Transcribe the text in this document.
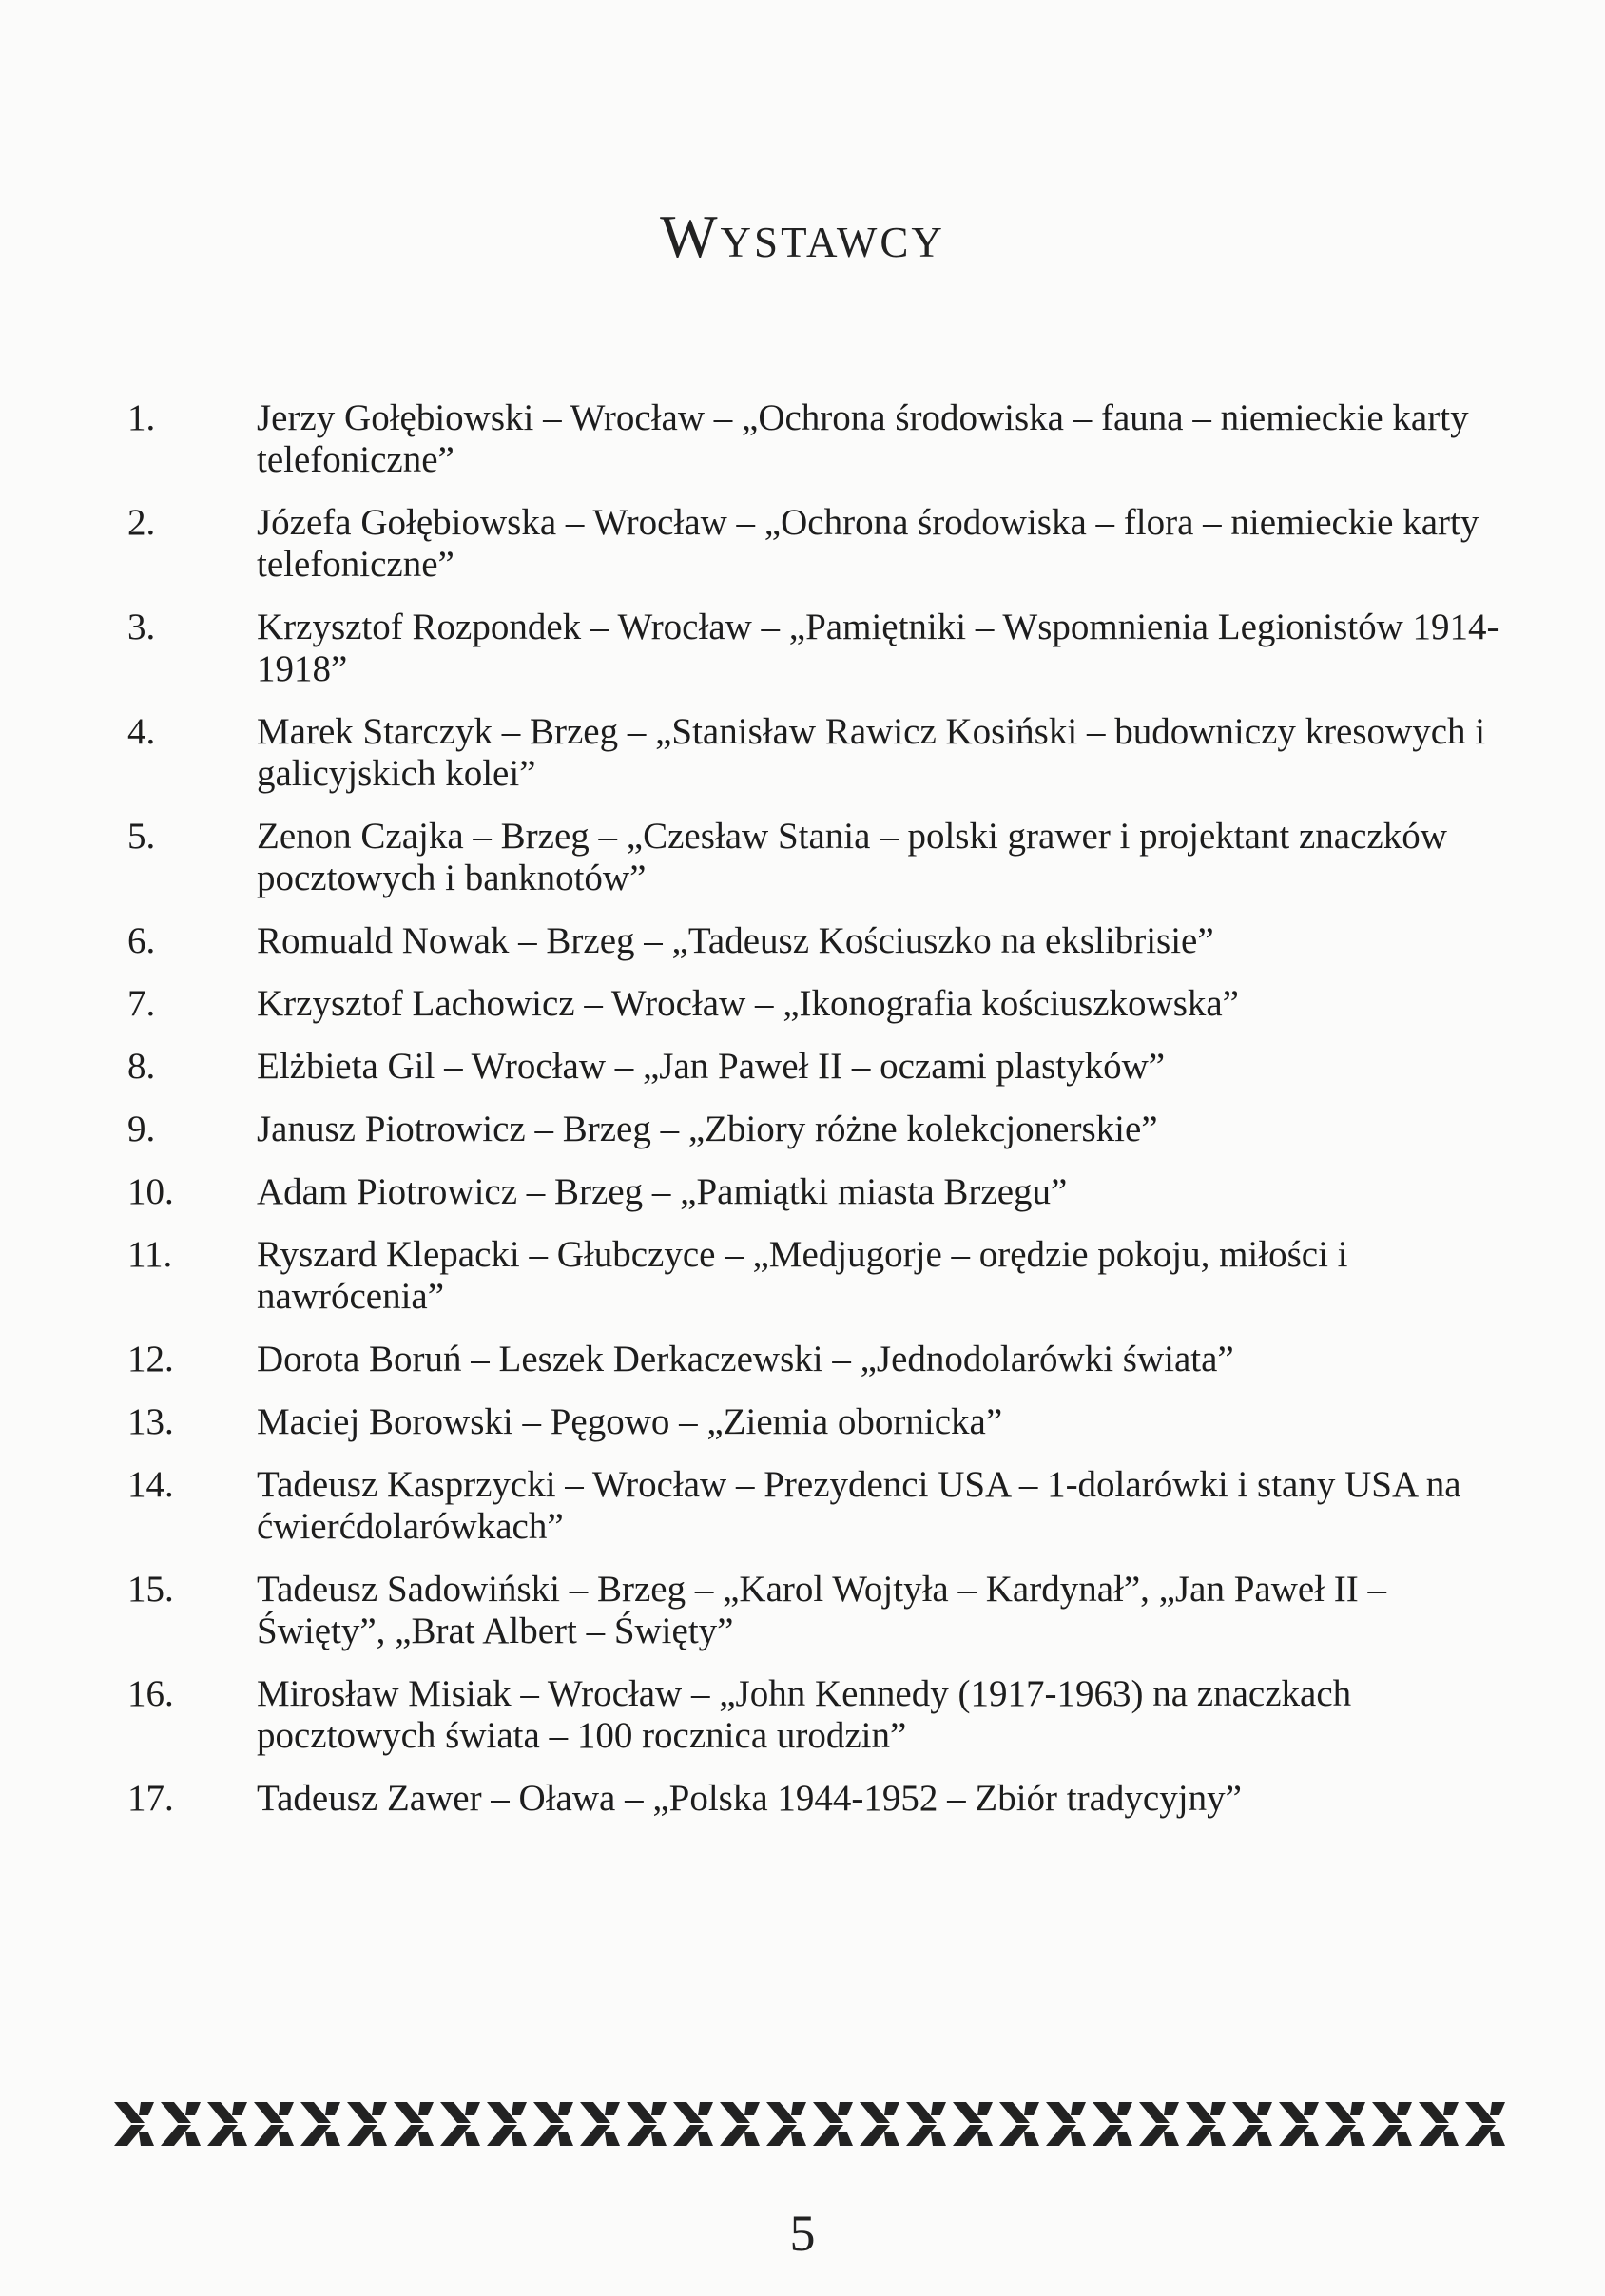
Wystawcy
1.	Jerzy Gołębiowski – Wrocław – „Ochrona środowiska – fauna – niemieckie karty telefoniczne”
2.	Józefa Gołębiowska – Wrocław – „Ochrona środowiska – flora – niemieckie karty telefoniczne”
3.	Krzysztof Rozpondek – Wrocław – „Pamiętniki – Wspomnienia Legionistów 1914-1918”
4.	Marek Starczyk – Brzeg – „Stanisław Rawicz Kosiński – budowniczy kresowych i galicyjskich kolei”
5.	Zenon Czajka – Brzeg – „Czesław Stania – polski grawer i projektant znaczków pocztowych i banknotów”
6.	Romuald Nowak – Brzeg – „Tadeusz Kościuszko na ekslibrisie”
7.	Krzysztof Lachowicz – Wrocław – „Ikonografia kościuszkowska”
8.	Elżbieta Gil – Wrocław – „Jan Paweł II – oczami plastyków”
9.	Janusz Piotrowicz – Brzeg – „Zbiory różne kolekcjonerskie”
10.	Adam Piotrowicz – Brzeg – „Pamiątki miasta Brzegu”
11.	Ryszard Klepacki – Głubczyce – „Medjugorje – orędzie pokoju, miłości i nawrócenia”
12.	Dorota Boruń – Leszek Derkaczewski – „Jednodolarówki świata”
13.	Maciej Borowski – Pęgowo – „Ziemia obornicka”
14.	Tadeusz Kasprzycki – Wrocław – Prezydenci USA – 1-dolarówki i stany USA na ćwierćdolarówkach”
15.	Tadeusz Sadowiński – Brzeg – „Karol Wojtyła – Kardynał”, „Jan Paweł II – Święty”, „Brat Albert – Święty”
16.	Mirosław Misiak – Wrocław – „John Kennedy (1917-1963) na znaczkach pocztowych świata – 100 rocznica urodzin”
17.	Tadeusz Zawer – Oława – „Polska 1944-1952 – Zbiór tradycyjny”
5
